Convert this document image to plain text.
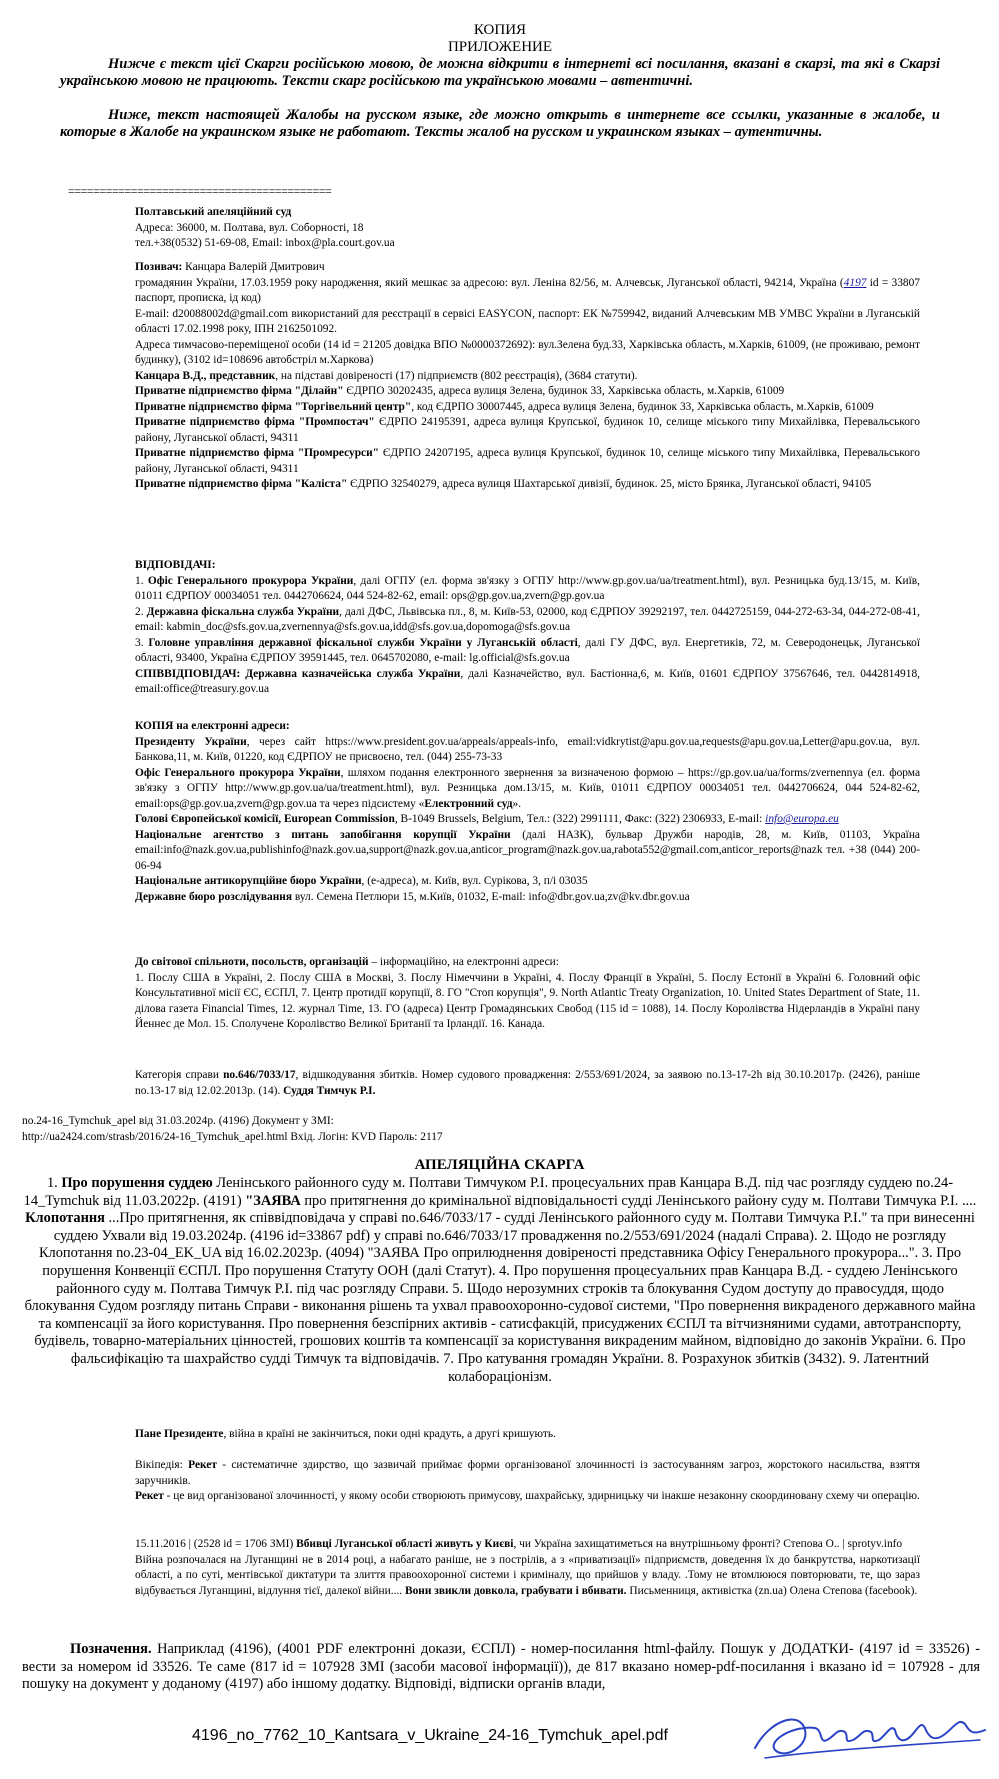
КОПИЯ
ПРИЛОЖЕНИЕ

Нижче є текст цієї Скарги російською мовою, де можна відкрити в інтернеті всі посилання, вказані в скарзі, та які в Скарзі українською мовою не працюють. Тексти скарг російською та українською мовами – автентичні.

Ниже, текст настоящей Жалобы на русском языке, где можно открыть в интернете все ссылки, указанные в жалобе, и которые в Жалобе на украинском языке не работают. Тексты жалоб на русском и украинском языках – аутентичны.

==========================================

Полтавський апеляційний суд

Адреса: 36000, м. Полтава, вул. Соборності, 18

тел.+38(0532) 51-69-08, Email: inbox@pla.court.gov.ua

Позивач: Канцара Валерій Дмитрович

громадянин України, 17.03.1959 року народження, який мешкає за адресою: вул. Леніна 82/56, м. Алчевськ, Луганської області, 94214, Україна (4197 id = 33807 паспорт, прописка, ід код)

E-mail: d20088002d@gmail.com використаний для реєстрації в сервісі EASYCON, паспорт: ЕК №759942, виданий Алчевським МВ УМВС України в Луганській області 17.02.1998 року, ІПН 2162501092.

Адреса тимчасово-переміщеної особи (14 id = 21205 довідка ВПО №0000372692): вул.Зелена буд.33, Харківська область, м.Харків, 61009, (не проживаю, ремонт будинку), (3102 id=108696 автобстріл м.Харкова)

Канцара В.Д., представник, на підставі довіреності (17) підприємств (802 реєстрація), (3684 статути).

Приватне підприємство фірма "Ділайн" ЄДРПО 30202435, адреса вулиця Зелена, будинок 33, Харківська область, м.Харків, 61009

Приватне підприємство фірма "Торгівельний центр", код ЄДРПО 30007445, адреса вулиця Зелена, будинок 33, Харківська область, м.Харків, 61009

Приватне підприємство фірма "Промпостач" ЄДРПО 24195391, адреса вулиця Крупської, будинок 10, селище міського типу Михайлівка, Перевальського району, Луганської області, 94311

Приватне підприємство фірма "Промресурси" ЄДРПО 24207195, адреса вулиця Крупської, будинок 10, селище міського типу Михайлівка, Перевальського району, Луганської області, 94311

Приватне підприємство фірма "Каліста" ЄДРПО 32540279, адреса вулиця Шахтарської дивізії, будинок. 25, місто Брянка, Луганської області, 94105

ВІДПОВІДАЧІ:

1. Офіс Генерального прокурора України, далі ОГПУ (ел. форма зв'язку з ОГПУ http://www.gp.gov.ua/ua/treatment.html), вул. Резницька буд.13/15, м. Київ, 01011 ЄДРПОУ 00034051 тел. 0442706624, 044 524-82-62, email: ops@gp.gov.ua,zvern@gp.gov.ua

2. Державна фіскальна служба України, далі ДФС, Львівська пл., 8, м. Київ-53, 02000, код ЄДРПОУ 39292197, тел. 0442725159, 044-272-63-34, 044-272-08-41, email: kabmin_doc@sfs.gov.ua,zvernennya@sfs.gov.ua,idd@sfs.gov.ua,dopomoga@sfs.gov.ua

3. Головне управління державної фіскальної служби України у Луганській області, далі ГУ ДФС, вул. Енергетиків, 72, м. Северодонецьк, Луганської області, 93400, Україна ЄДРПОУ 39591445, тел. 0645702080, e-mail: lg.official@sfs.gov.ua

СПІВВІДПОВІДАЧ: Державна казначейська служба України, далі Казначейство, вул. Бастіонна,6, м. Київ, 01601 ЄДРПОУ 37567646, тел. 0442814918, email:office@treasury.gov.ua

КОПІЯ на електронні адреси:

Президенту України, через сайт https://www.president.gov.ua/appeals/appeals-info, email:vidkrytist@apu.gov.ua,requests@apu.gov.ua,Letter@apu.gov.ua, вул. Банкова,11, м. Київ, 01220, код ЄДРПОУ не присвоєно, тел. (044) 255-73-33

Офіс Генерального прокурора України, шляхом подання електронного звернення за визначеною формою – https://gp.gov.ua/ua/forms/zvernennya (ел. форма зв'язку з ОГПУ http://www.gp.gov.ua/ua/treatment.html), вул. Резницька дом.13/15, м. Київ, 01011 ЄДРПОУ 00034051 тел. 0442706624, 044 524-82-62, email:ops@gp.gov.ua,zvern@gp.gov.ua та через підсистему «Електронний суд».

Голові Європейської комісії, European Commission, B-1049 Brussels, Belgium, Тел.: (322) 2991111, Факс: (322) 2306933, E-mail: info@europa.eu

Національне агентство з питань запобігання корупції України (далі НАЗК), бульвар Дружби народів, 28, м. Київ, 01103, Україна email:info@nazk.gov.ua,publishinfo@nazk.gov.ua,support@nazk.gov.ua,anticor_program@nazk.gov.ua,rabota552@gmail.com,anticor_reports@nazk тел. +38 (044) 200-06-94

Національне антикорупційне бюро України, (е-адреса), м. Київ, вул. Сурікова, 3, п/і 03035

Державне бюро розслідування вул. Семена Петлюри 15, м.Київ, 01032, E-mail: info@dbr.gov.ua,zv@kv.dbr.gov.ua

До світової спільноти, посольств, організацій – інформаційно, на електронні адреси:

1. Послу США в Україні, 2. Послу США в Москві, 3. Послу Німеччини в Україні, 4. Послу Франції в Україні, 5. Послу Естонії в Україні 6. Головний офіс Консультативної місії ЄС, ЄСПЛ, 7. Центр протидії корупції, 8. ГО "Стоп корупція", 9. North Atlantic Treaty Organization, 10. United States Department of State, 11. ділова газета Financial Times, 12. журнал Time, 13. ГО (адреса) Центр Громадянських Свобод (115 id = 1088), 14. Послу Королівства Нідерландів в Україні пану Йеннес де Мол. 15. Сполучене Королівство Великої Британії та Ірландії. 16. Канада.

Категорія справи no.646/7033/17, відшкодування збитків. Номер судового провадження: 2/553/691/2024, за заявою no.13-17-2h від 30.10.2017р. (2426), раніше no.13-17 від 12.02.2013р. (14). Суддя Тимчук Р.І.

no.24-16_Tymchuk_apel від 31.03.2024р. (4196) Документ у ЗМІ:
http://ua2424.com/strasb/2016/24-16_Tymchuk_apel.html Вхід. Логін: KVD Пароль: 2117
АПЕЛЯЦІЙНА СКАРГА
1. Про порушення суддею Ленінського районного суду м. Полтави Тимчуком Р.І. процесуальних прав Канцара В.Д. під час розгляду суддею no.24-14_Tymchuk від 11.03.2022р. (4191) "ЗАЯВА про притягнення до кримінальної відповідальності судді Ленінського району суду м. Полтави Тимчука Р.І. .... Клопотання ...Про притягнення, як співвідповідача у справі no.646/7033/17 - судді Ленінського районного суду м. Полтави Тимчука Р.І." та при винесенні суддею Ухвали від 19.03.2024р. (4196 id=33867 pdf) у справі no.646/7033/17 провадження no.2/553/691/2024 (надалі Справа). 2. Щодо не розгляду Клопотання no.23-04_EK_UA від 16.02.2023р. (4094) "ЗАЯВА Про оприлюднення довіреності представника Офісу Генерального прокурора...". 3. Про порушення Конвенції ЄСПЛ. Про порушення Статуту ООН (далі Статут). 4. Про порушення процесуальних прав Канцара В.Д. - суддею Ленінського районного суду м. Полтава Тимчук Р.І. під час розгляду Справи. 5. Щодо нерозумних строків та блокування Судом доступу до правосуддя, щодо блокування Судом розгляду питань Справи - виконання рішень та ухвал правоохоронно-судової системи, "Про повернення викраденого державного майна та компенсації за його користування. Про повернення безспірних активів - сатисфакцій, присуджених ЄСПЛ та вітчизняними судами, автотранспорту, будівель, товарно-матеріальних цінностей, грошових коштів та компенсації за користування викраденим майном, відповідно до законів України. 6. Про фальсифікацію та шахрайство судді Тимчук та відповідачів. 7. Про катування громадян України. 8. Розрахунок збитків (3432). 9. Латентний колабораціонізм.

Пане Президенте, війна в країні не закінчиться, поки одні крадуть, а другі кришують.

Вікіпедія: Рекет - систематичне здирство, що зазвичай приймає форми організованої злочинності із застосуванням загроз, жорстокого насильства, взяття заручників.

Рекет - це вид організованої злочинності, у якому особи створюють примусову, шахрайську, здирницьку чи інакше незаконну скоординовану схему чи операцію.

15.11.2016 | (2528 id = 1706 ЗМІ) Вбивці Луганської області живуть у Києві, чи Україна захищатиметься на внутрішньому фронті? Степова О.. | sprotyv.info

Війна розпочалася на Луганщині не в 2014 році, а набагато раніше, не з пострілів, а з «приватизації» підприємств, доведення їх до банкрутства, наркотизації області, а по суті, ментівської диктатури та злиття правоохоронної системи і криміналу, що прийшов у владу. .Тому не втомлююся повторювати, те, що зараз відбувається Луганщині, відлуння тієї, далекої війни.... Вони звикли довкола, грабувати і вбивати. Письменниця, активістка (zn.ua) Олена Степова (facebook).

Позначення. Наприклад (4196), (4001 PDF електронні докази, ЄСПЛ) - номер-посилання html-файлу. Пошук у ДОДАТКИ- (4197 id = 33526) - вести за номером id 33526. Те саме (817 id = 107928 ЗМІ (засоби масової інформації)), де 817 вказано номер-pdf-посилання і вказано id = 107928 - для пошуку на документ у доданому (4197) або іншому додатку. Відповіді, відписки органів влади,
4196_no_7762_10_Kantsara_v_Ukraine_24-16_Tymchuk_apel.pdf
